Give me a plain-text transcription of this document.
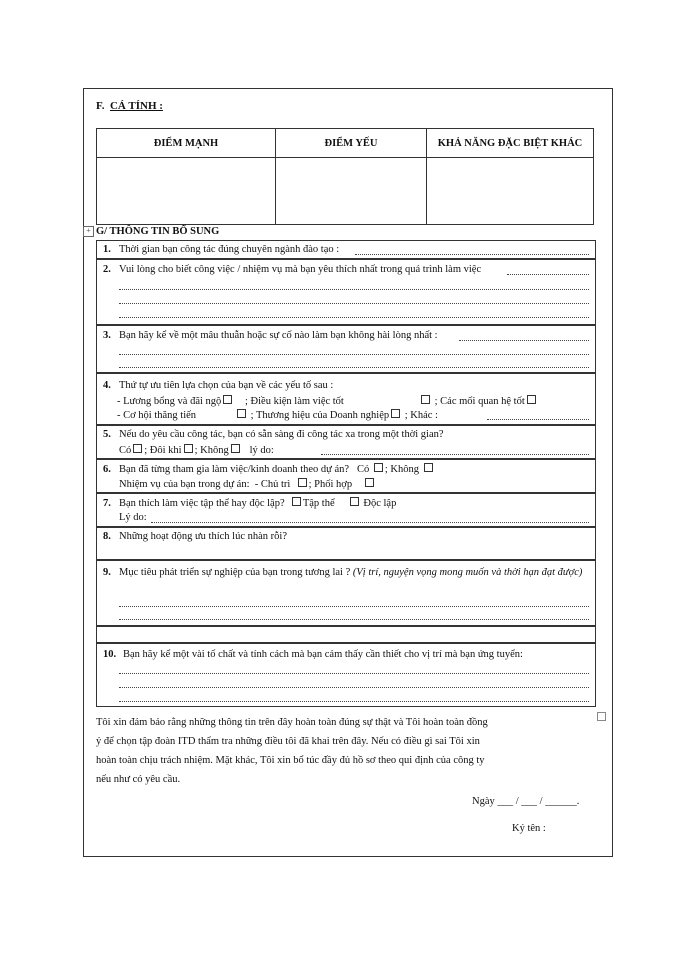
F. CÁ TÍNH :
ĐIỂM MẠNH	ĐIỂM YẾU	KHẢ NĂNG ĐẶC BIỆT KHÁC

+ G/ THÔNG TIN BỔ SUNG
1. Thời gian bạn công tác đúng chuyên ngành đào tạo :
2. Vui lòng cho biết công việc / nhiệm vụ mà bạn yêu thích nhất trong quá trình làm việc
3. Bạn hãy kể về một mâu thuẫn hoặc sự cố nào làm bạn không hài lòng nhất :
4. Thứ tự ưu tiên lựa chọn của bạn về các yếu tố sau :
- Lương bổng và đãi ngộ ; Điều kiện làm việc tốt	; Các mối quan hệ tốt
- Cơ hội thăng tiến	; Thương hiệu của Doanh nghiệp ; Khác :
5. Nếu do yêu cầu công tác, bạn có sẵn sàng đi công tác xa trong một thời gian?
Có ; Đôi khi ; Không lý do:
6. Bạn đã từng tham gia làm việc/kinh doanh theo dự án? Có ; Không
Nhiệm vụ của bạn trong dự án: - Chủ trì ; Phối hợp
7. Bạn thích làm việc tập thể hay độc lập? Tập thể	Độc lập
Lý do:
8. Những hoạt động ưu thích lúc nhàn rỗi?
9. Mục tiêu phát triển sự nghiệp của bạn trong tương lai ? (Vị trí, nguyện vọng mong muốn và thời hạn đạt được)
10. Bạn hãy kể một vài tố chất và tính cách mà bạn cảm thấy cần thiết cho vị trí mà bạn ứng tuyển:
Tôi xin đảm bảo rằng những thông tin trên đây hoàn toàn đúng sự thật và Tôi hoàn toàn đồng
ý để chọn tập đoàn ITD thẩm tra những điều tôi đã khai trên đây. Nếu có điều gì sai Tôi xin
hoàn toàn chịu trách nhiệm. Mặt khác, Tôi xin bổ túc đầy đủ hồ sơ theo qui định của công ty
nếu như có yêu cầu.
Ngày ___ / ___ / ______.
Ký tên :
